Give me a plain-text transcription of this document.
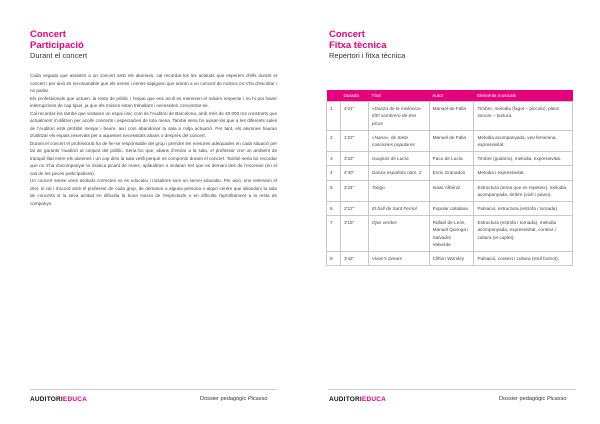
Concert
Participació
Durant el concert

Cada vegada que assistim a un concert amb els alumnes, cal recordar-los les actituds que esperem d'ells durant el concert i per això és recomanable que els nenes i nenes sàpiguen que aniran a un concert de música on s'ha d'escoltar i no parlar.

Els professionals que actuen, la resta de públic i l'espai que ens acull es mereixen el màxim respecte i no hi pot haver interrupcions de cap tipus, ja que els músics estan treballant i necessiten concentrar-se.

Cal recordar-los també que visitaran un espai únic com és l'Auditori de Barcelona, amb més de 40.000 m2 construïts que actualment s'utilitzen per acollir concerts i espectacles de tota mena. També seria bo avisar-los que a les diferents sales de l'Auditori està prohibit menjar i beure, així com abandonar la sala a mitja actuació. Per tant, els alumnes hauran d'utilitzar els espais reservats per a aquestes necessitats abans o després del concert.

Durant el concert el professorat ha de fer-se responsable del grup i prendre les mesures adequades en cada situació per tal de garantir l'audició al conjunt del públic. Seria bo que, abans d'entrar a la sala, el professor creï un ambient de tranquil·litat entre els alumnes i un cop dins la sala vetlli perquè es comportin durant el concert. També seria bo recordar que no s'ha d'acompanyar la música picant de mans; aplaudiran o xiularan tret que es demani des de l'escenari (en el cas de les peces participatives).

Un concert sense unes actituds correctes no és educatiu i nosaltres som un servei educatiu. Per això, ens reservem el dret, si cal i d'acord amb el professor de cada grup, de demanar a alguna persona o algun centre que abandoni la sala de concerts si la seva actitud en dificulta la bona marxa de l'espectacle o en dificulta l'aprofitament a la resta de companys.

AUDITORIEDUCA	Dossier pedagògic Picasso
Concert
Fitxa tècnica
Repertori i fitxa tècnica
AUDITORIEDUCA	Dossier pedagògic Picasso
	Durada	Títol	Autor	Elements musicals
1	4'21"	«Danza de la molinera» d'El sombrero de tres picos	Manuel de Falla	Timbre, melodia (fagot – piccolo), plans sonors – textura.
2	1'22"	«Nana», de Siete canciones populares	Manuel de Falla	Melodia acompanyada, veu femenina, expressivitat.
3	3'22"	Guajiras de Lucía	Paco de Lucía	Timbre (guitarra), melodia, expressivitat.
4	4'30"	Danza española núm. 2	Enric Granados	Melodia i expressivitat.
5	2'24"	Tango	Isaac Albéniz	Estructura (tema que es repeteix), melodia acompanyada, timbre (violí i piano).
6	2'12"	El ball de Sant Ferriol	Popular catalana	Pulsació, estructura (estrofa i tornada).
7	3'15"	Ojos verdes	Rafael de León, Manuel Quiroga i Salvador Valverde	Estructura (estrofa i tornada), melodia acompanyada, expressivitat, context i cultura (el cuplet).
8	3'42"	Vixen's Dream	Clifton Worsley	Pulsació, context i cultura (estil foxtrot).
